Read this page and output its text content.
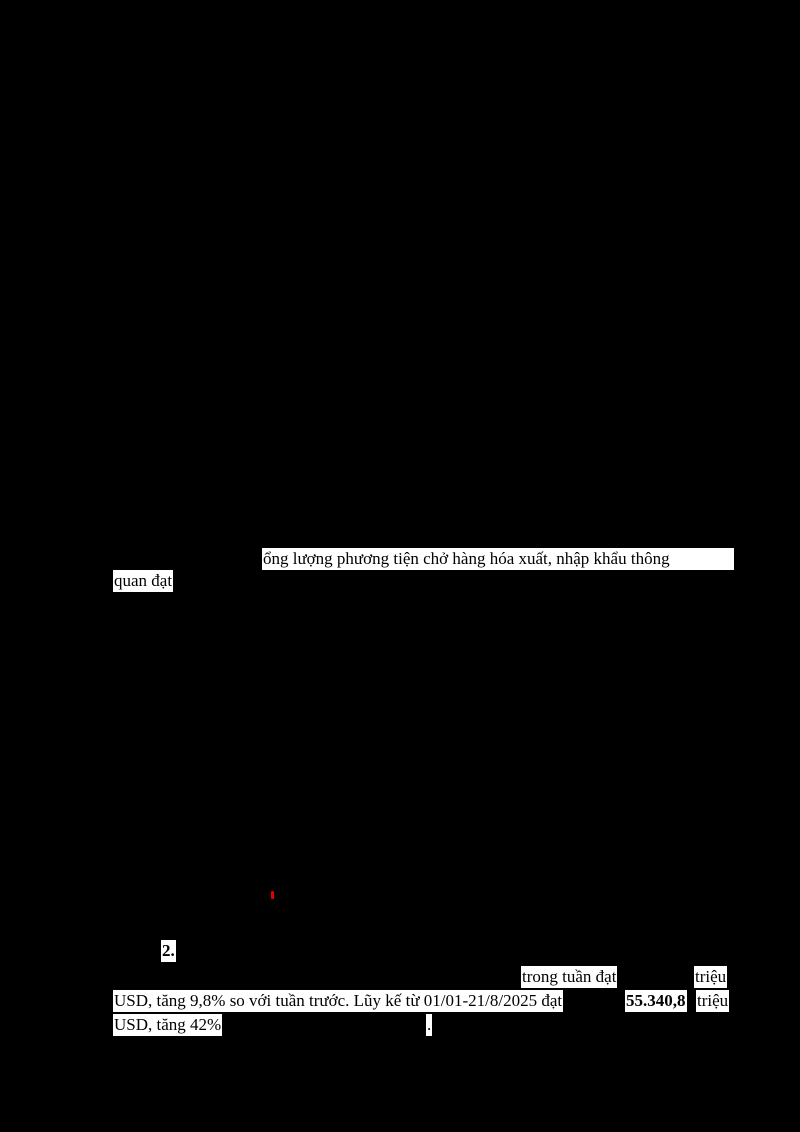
ổng lượng phương tiện chở hàng hóa xuất, nhập khẩu thông
quan đạt
2.
trong tuần đạt	triệu
USD, tăng 9,8% so với tuần trước. Lũy kế từ 01/01-21/8/2025 đạt	55.340,8 triệu
USD, tăng 42%	.
